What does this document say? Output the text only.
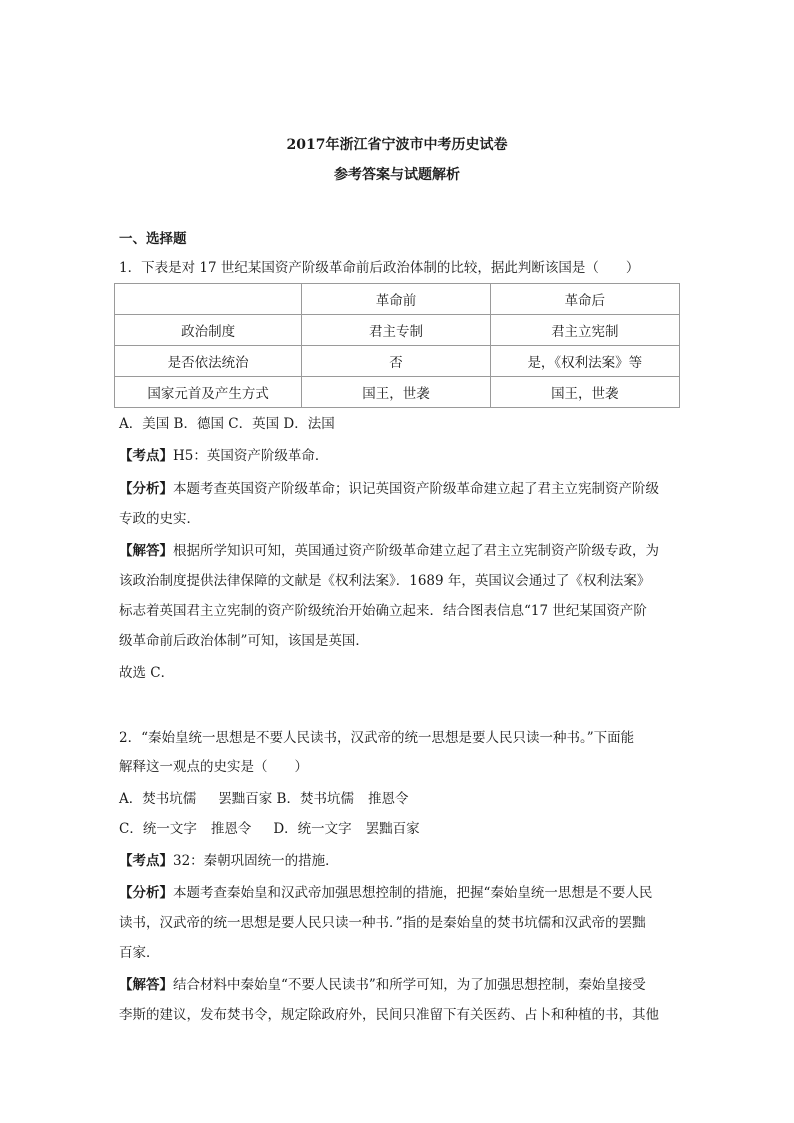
2017年浙江省宁波市中考历史试卷
参考答案与试题解析
一、选择题
1．下表是对 17 世纪某国资产阶级革命前后政治体制的比较，据此判断该国是（　　）
	革命前	革命后
政治制度	君主专制	君主立宪制
是否依法统治	否	是，《权利法案》等
国家元首及产生方式	国王，世袭	国王，世袭
A．美国 B．德国 C．英国 D．法国
【考点】H5：英国资产阶级革命．
【分析】本题考查英国资产阶级革命；识记英国资产阶级革命建立起了君主立宪制资产阶级
专政的史实．
【解答】根据所学知识可知，英国通过资产阶级革命建立起了君主立宪制资产阶级专政，为
该政治制度提供法律保障的文献是《权利法案》．1689 年，英国议会通过了《权利法案》
标志着英国君主立宪制的资产阶级统治开始确立起来．结合图表信息“17 世纪某国资产阶
级革命前后政治体制”可知，该国是英国．
故选 C．
2．“秦始皇统一思想是不要人民读书，汉武帝的统一思想是要人民只读一种书。”下面能
解释这一观点的史实是（　　）
A．焚书坑儒 罢黜百家 B．焚书坑儒 推恩令
C．统一文字 推恩令 D．统一文字 罢黜百家
【考点】32：秦朝巩固统一的措施．
【分析】本题考查秦始皇和汉武帝加强思想控制的措施，把握“秦始皇统一思想是不要人民
读书，汉武帝的统一思想是要人民只读一种书．”指的是秦始皇的焚书坑儒和汉武帝的罢黜
百家．
【解答】结合材料中秦始皇“不要人民读书”和所学可知，为了加强思想控制，秦始皇接受
李斯的建议，发布焚书令，规定除政府外，民间只准留下有关医药、占卜和种植的书，其他
